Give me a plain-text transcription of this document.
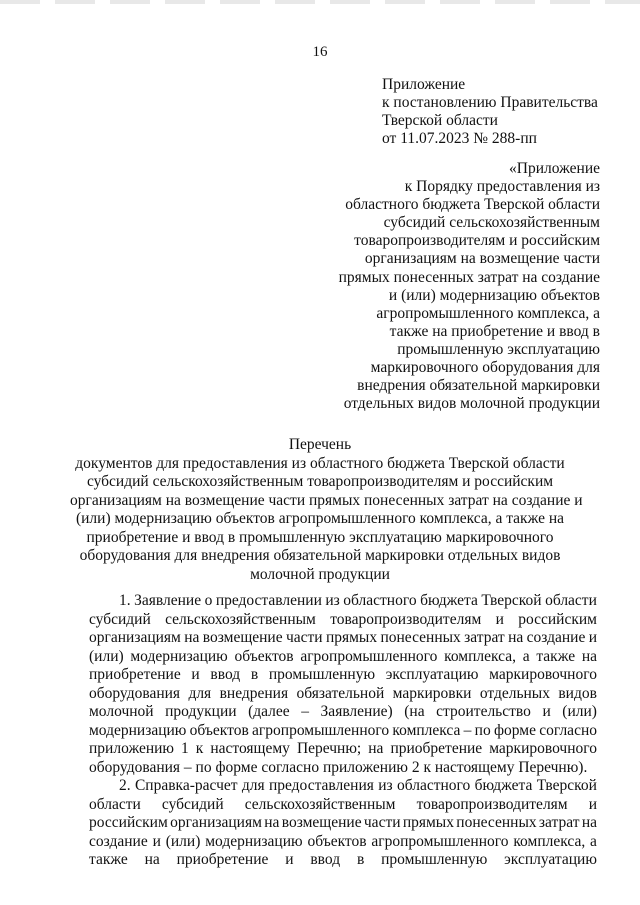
16
Приложение
к постановлению Правительства
Тверской области
от 11.07.2023 № 288-пп
«Приложение
к Порядку предоставления из
областного бюджета Тверской области
субсидий сельскохозяйственным
товаропроизводителям и российским
организациям на возмещение части
прямых понесенных затрат на создание
и (или) модернизацию объектов
агропромышленного комплекса, а
также на приобретение и ввод в
промышленную эксплуатацию
маркировочного оборудования для
внедрения обязательной маркировки
отдельных видов молочной продукции
Перечень
документов для предоставления из областного бюджета Тверской области
субсидий сельскохозяйственным товаропроизводителям и российским
организациям на возмещение части прямых понесенных затрат на создание и
(или) модернизацию объектов агропромышленного комплекса, а также на
приобретение и ввод в промышленную эксплуатацию маркировочного
оборудования для внедрения обязательной маркировки отдельных видов
молочной продукции
1. Заявление о предоставлении из областного бюджета Тверской области
субсидий сельскохозяйственным товаропроизводителям и российским
организациям на возмещение части прямых понесенных затрат на создание и
(или) модернизацию объектов агропромышленного комплекса, а также на
приобретение и ввод в промышленную эксплуатацию маркировочного
оборудования для внедрения обязательной маркировки отдельных видов
молочной продукции (далее – Заявление) (на строительство и (или)
модернизацию объектов агропромышленного комплекса – по форме согласно
приложению 1 к настоящему Перечню; на приобретение маркировочного
оборудования – по форме согласно приложению 2 к настоящему Перечню).
2. Справка-расчет для предоставления из областного бюджета Тверской
области субсидий сельскохозяйственным товаропроизводителям и
российским организациям на возмещение части прямых понесенных затрат на
создание и (или) модернизацию объектов агропромышленного комплекса, а
также на приобретение и ввод в промышленную эксплуатацию
